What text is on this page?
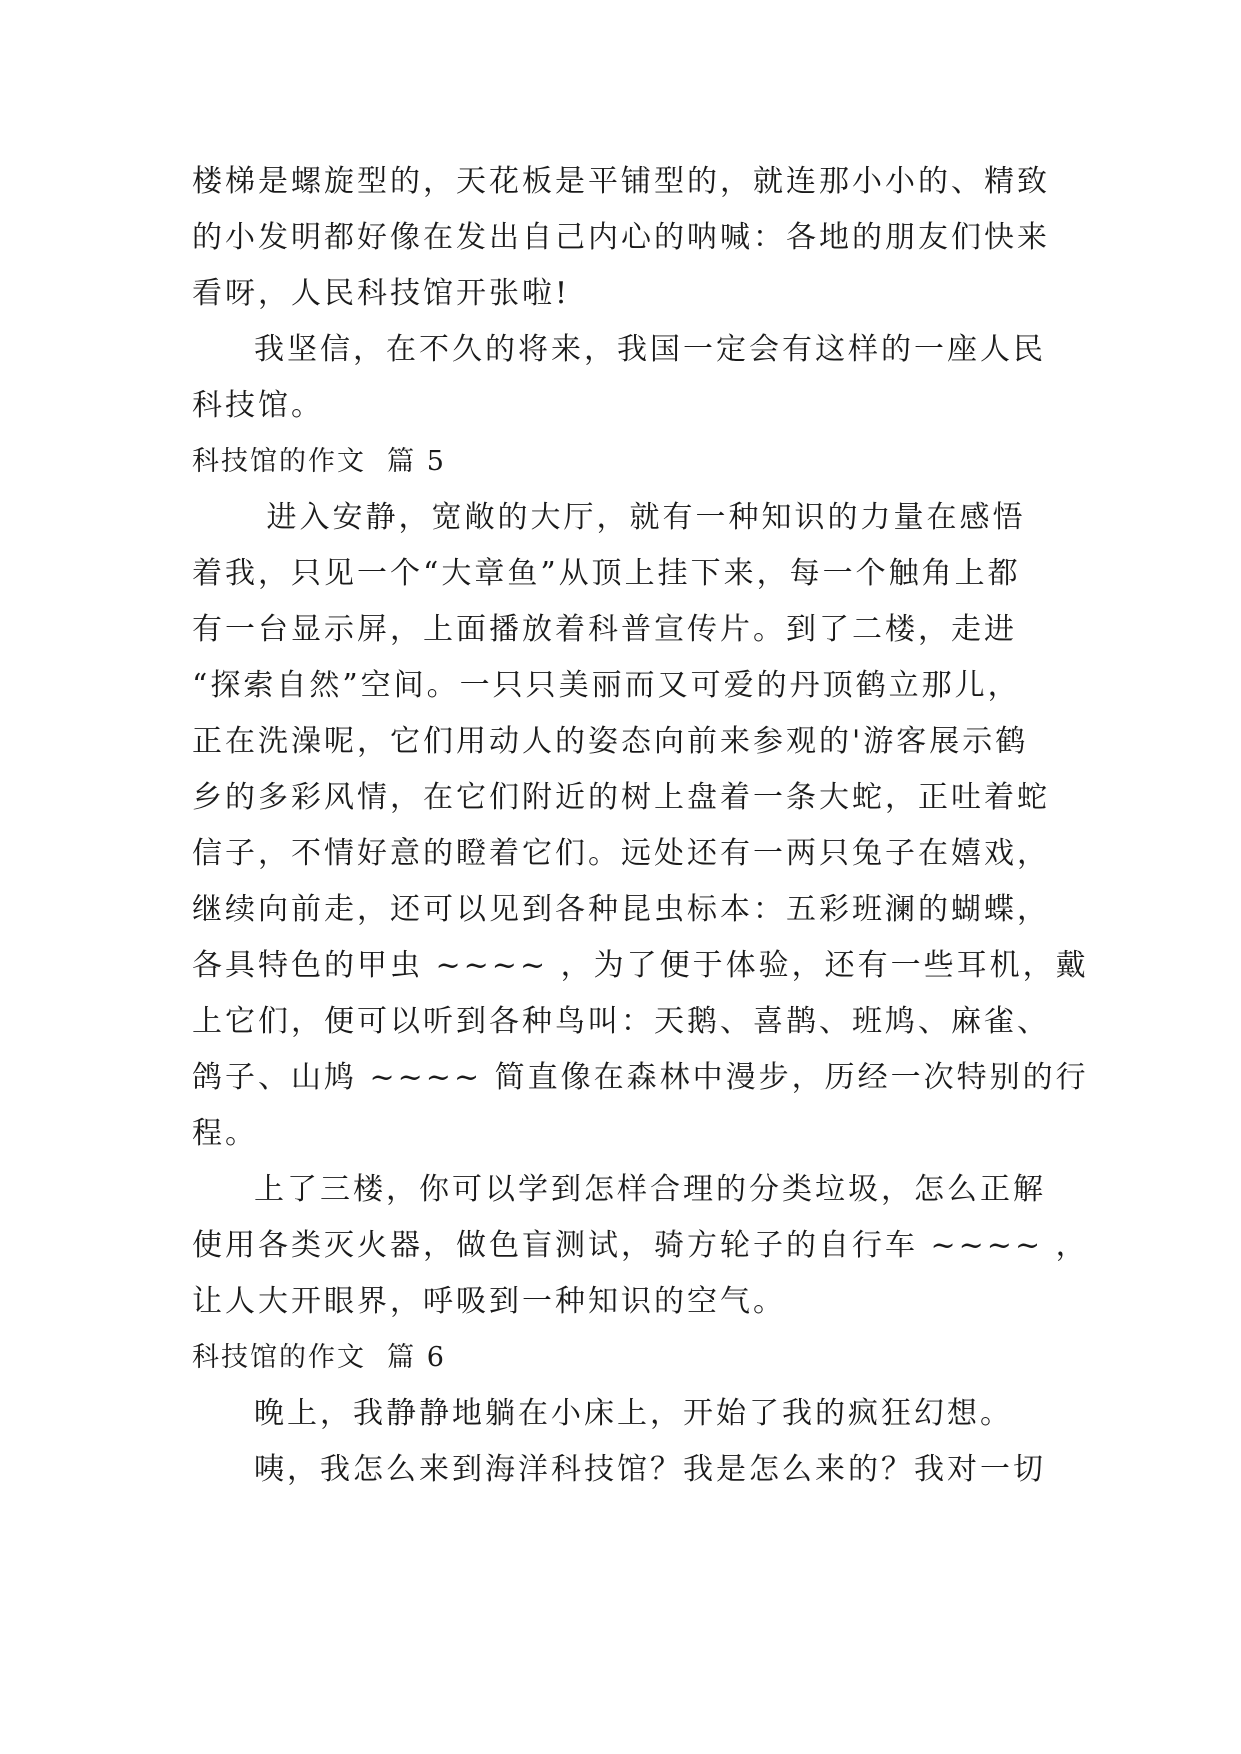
楼梯是螺旋型的，天花板是平铺型的，就连那小小的、精致
的小发明都好像在发出自己内心的呐喊：各地的朋友们快来
看呀，人民科技馆开张啦!
我坚信，在不久的将来，我国一定会有这样的一座人民
科技馆。
科技馆的作文  篇 5
进入安静，宽敞的大厅，就有一种知识的力量在感悟
着我，只见一个“大章鱼”从顶上挂下来，每一个触角上都
有一台显示屏，上面播放着科普宣传片。到了二楼，走进
“探索自然”空间。一只只美丽而又可爱的丹顶鹤立那儿，
正在洗澡呢，它们用动人的姿态向前来参观的'游客展示鹤
乡的多彩风情，在它们附近的树上盘着一条大蛇，正吐着蛇
信子，不情好意的瞪着它们。远处还有一两只兔子在嬉戏，
继续向前走，还可以见到各种昆虫标本：五彩班澜的蝴蝶，
各具特色的甲虫 ~~~~ ，为了便于体验，还有一些耳机，戴
上它们，便可以听到各种鸟叫：天鹅、喜鹊、班鸠、麻雀、
鸽子、山鸠 ~~~~ 简直像在森林中漫步，历经一次特别的行
程。
上了三楼，你可以学到怎样合理的分类垃圾，怎么正解
使用各类灭火器，做色盲测试，骑方轮子的自行车 ~~~~ ，
让人大开眼界，呼吸到一种知识的空气。
科技馆的作文  篇 6
晚上，我静静地躺在小床上，开始了我的疯狂幻想。
咦，我怎么来到海洋科技馆？我是怎么来的？我对一切
